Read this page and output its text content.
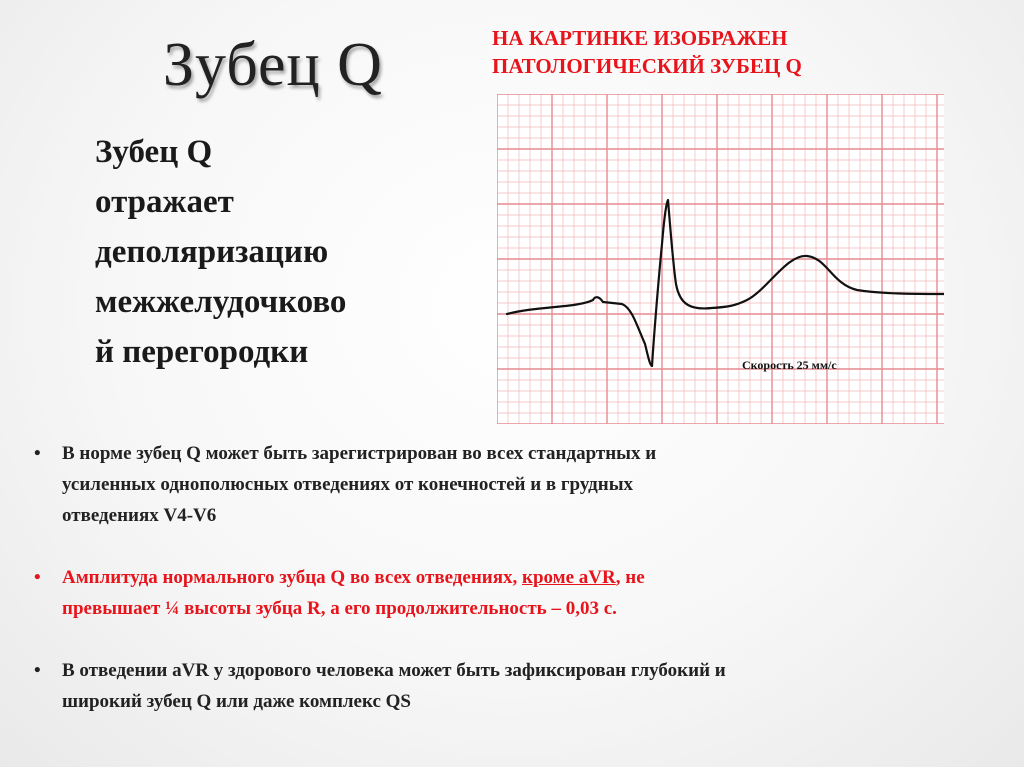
Зубец Q	НА КАРТИНКЕ ИЗОБРАЖЕН
ПАТОЛОГИЧЕСКИЙ ЗУБЕЦ Q
Зубец Q
отражает
деполяризацию
межжелудочково
й перегородки	Скорость 25 мм/с
• В норме зубец Q может быть зарегистрирован во всех стандартных и
усиленных однополюсных отведениях от конечностей и в грудных
отведениях V4-V6
• Амплитуда нормального зубца Q во всех отведениях, кроме aVR, не
превышает ¼ высоты зубца R, а его продолжительность – 0,03 с.
• В отведении aVR у здорового человека может быть зафиксирован глубокий и
широкий зубец Q или даже комплекс QS
